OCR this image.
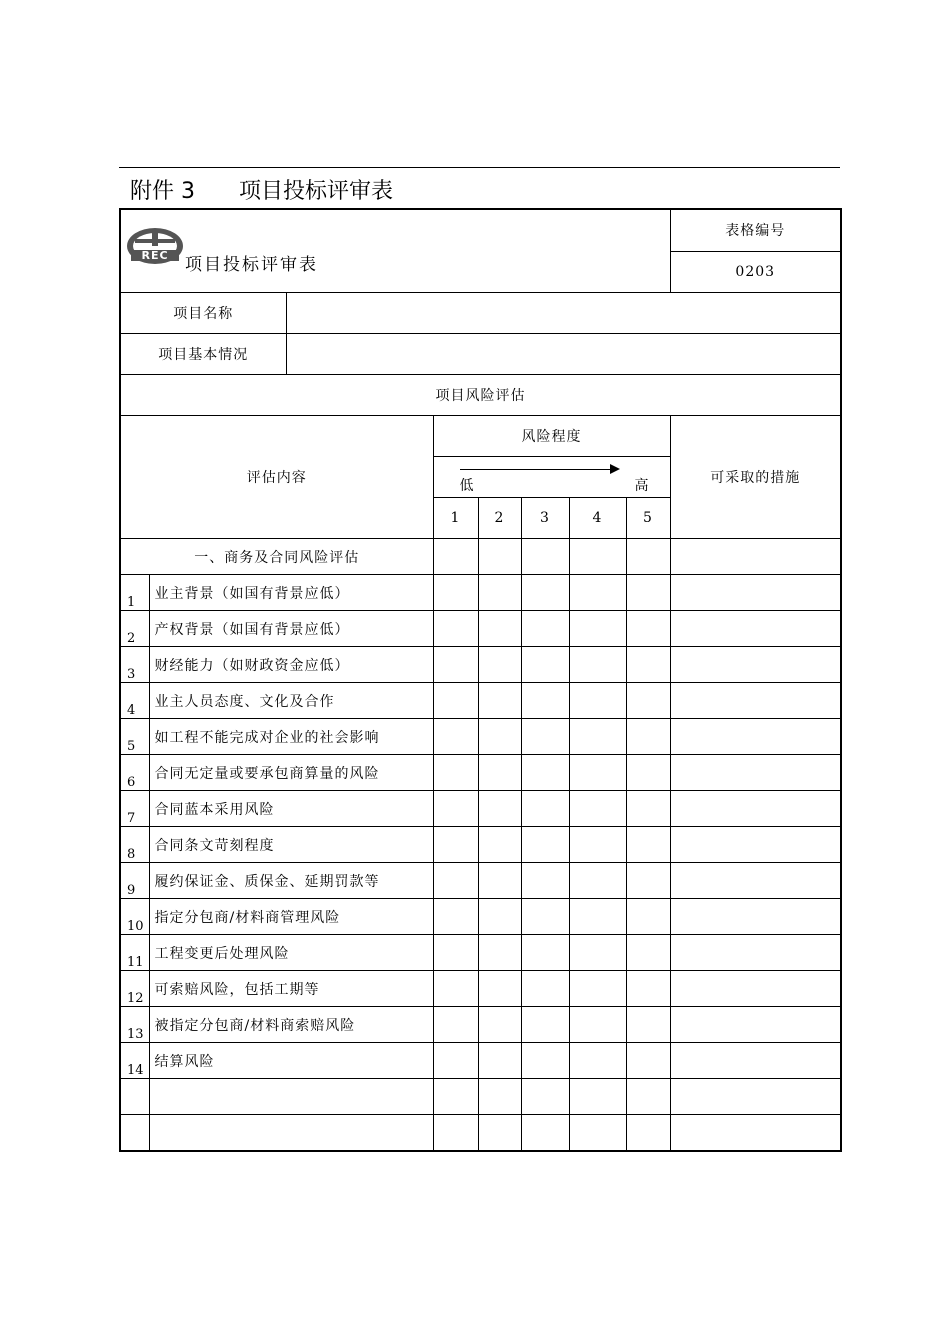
附件 3 项目投标评审表
REC 项目投标评审表								表格编号
								0203
项目名称								
项目基本情况								
项目风险评估								
评估内容			风险程度					可采取的措施

			低 高					

			1	2	3	4	5	
一、商务及合同风险评估								
1	业主背景（如国有背景应低）							
2	产权背景（如国有背景应低）							
3	财经能力（如财政资金应低）							
4	业主人员态度、文化及合作							
5	如工程不能完成对企业的社会影响							
6	合同无定量或要承包商算量的风险							
7	合同蓝本采用风险							
8	合同条文苛刻程度							
9	履约保证金、质保金、延期罚款等							
10	指定分包商/材料商管理风险							
11	工程变更后处理风险							
12	可索赔风险，包括工期等							
13	被指定分包商/材料商索赔风险							
14	结算风险							
